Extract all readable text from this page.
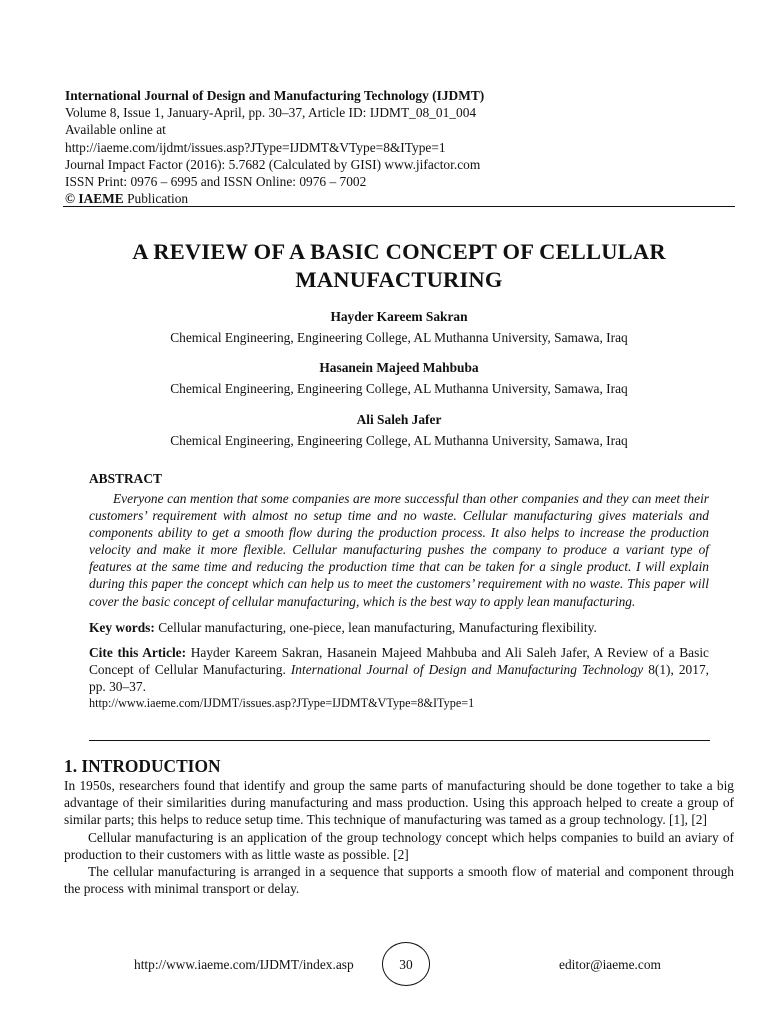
International Journal of Design and Manufacturing Technology (IJDMT)
Volume 8, Issue 1, January-April, pp. 30–37, Article ID: IJDMT_08_01_004
Available online at
http://iaeme.com/ijdmt/issues.asp?JType=IJDMT&VType=8&IType=1
Journal Impact Factor (2016): 5.7682 (Calculated by GISI) www.jifactor.com
ISSN Print: 0976 – 6995 and ISSN Online: 0976 – 7002
© IAEME Publication
A REVIEW OF A BASIC CONCEPT OF CELLULAR MANUFACTURING
Hayder Kareem Sakran
Chemical Engineering, Engineering College, AL Muthanna University, Samawa, Iraq
Hasanein Majeed Mahbuba
Chemical Engineering, Engineering College, AL Muthanna University, Samawa, Iraq
Ali Saleh Jafer
Chemical Engineering, Engineering College, AL Muthanna University, Samawa, Iraq
ABSTRACT
Everyone can mention that some companies are more successful than other companies and they can meet their customers’ requirement with almost no setup time and no waste. Cellular manufacturing gives materials and components ability to get a smooth flow during the production process. It also helps to increase the production velocity and make it more flexible. Cellular manufacturing pushes the company to produce a variant type of features at the same time and reducing the production time that can be taken for a single product. I will explain during this paper the concept which can help us to meet the customers’ requirement with no waste. This paper will cover the basic concept of cellular manufacturing, which is the best way to apply lean manufacturing.
Key words: Cellular manufacturing, one-piece, lean manufacturing, Manufacturing flexibility.
Cite this Article: Hayder Kareem Sakran, Hasanein Majeed Mahbuba and Ali Saleh Jafer, A Review of a Basic Concept of Cellular Manufacturing. International Journal of Design and Manufacturing Technology 8(1), 2017, pp. 30–37.
http://www.iaeme.com/IJDMT/issues.asp?JType=IJDMT&VType=8&IType=1
1. INTRODUCTION

In 1950s, researchers found that identify and group the same parts of manufacturing should be done together to take a big advantage of their similarities during manufacturing and mass production. Using this approach helped to create a group of similar parts; this helps to reduce setup time. This technique of manufacturing was tamed as a group technology. [1], [2]

Cellular manufacturing is an application of the group technology concept which helps companies to build an aviary of production to their customers with as little waste as possible. [2]

The cellular manufacturing is arranged in a sequence that supports a smooth flow of material and component through the process with minimal transport or delay.

http://www.iaeme.com/IJDMT/index.asp	30	editor@iaeme.com
